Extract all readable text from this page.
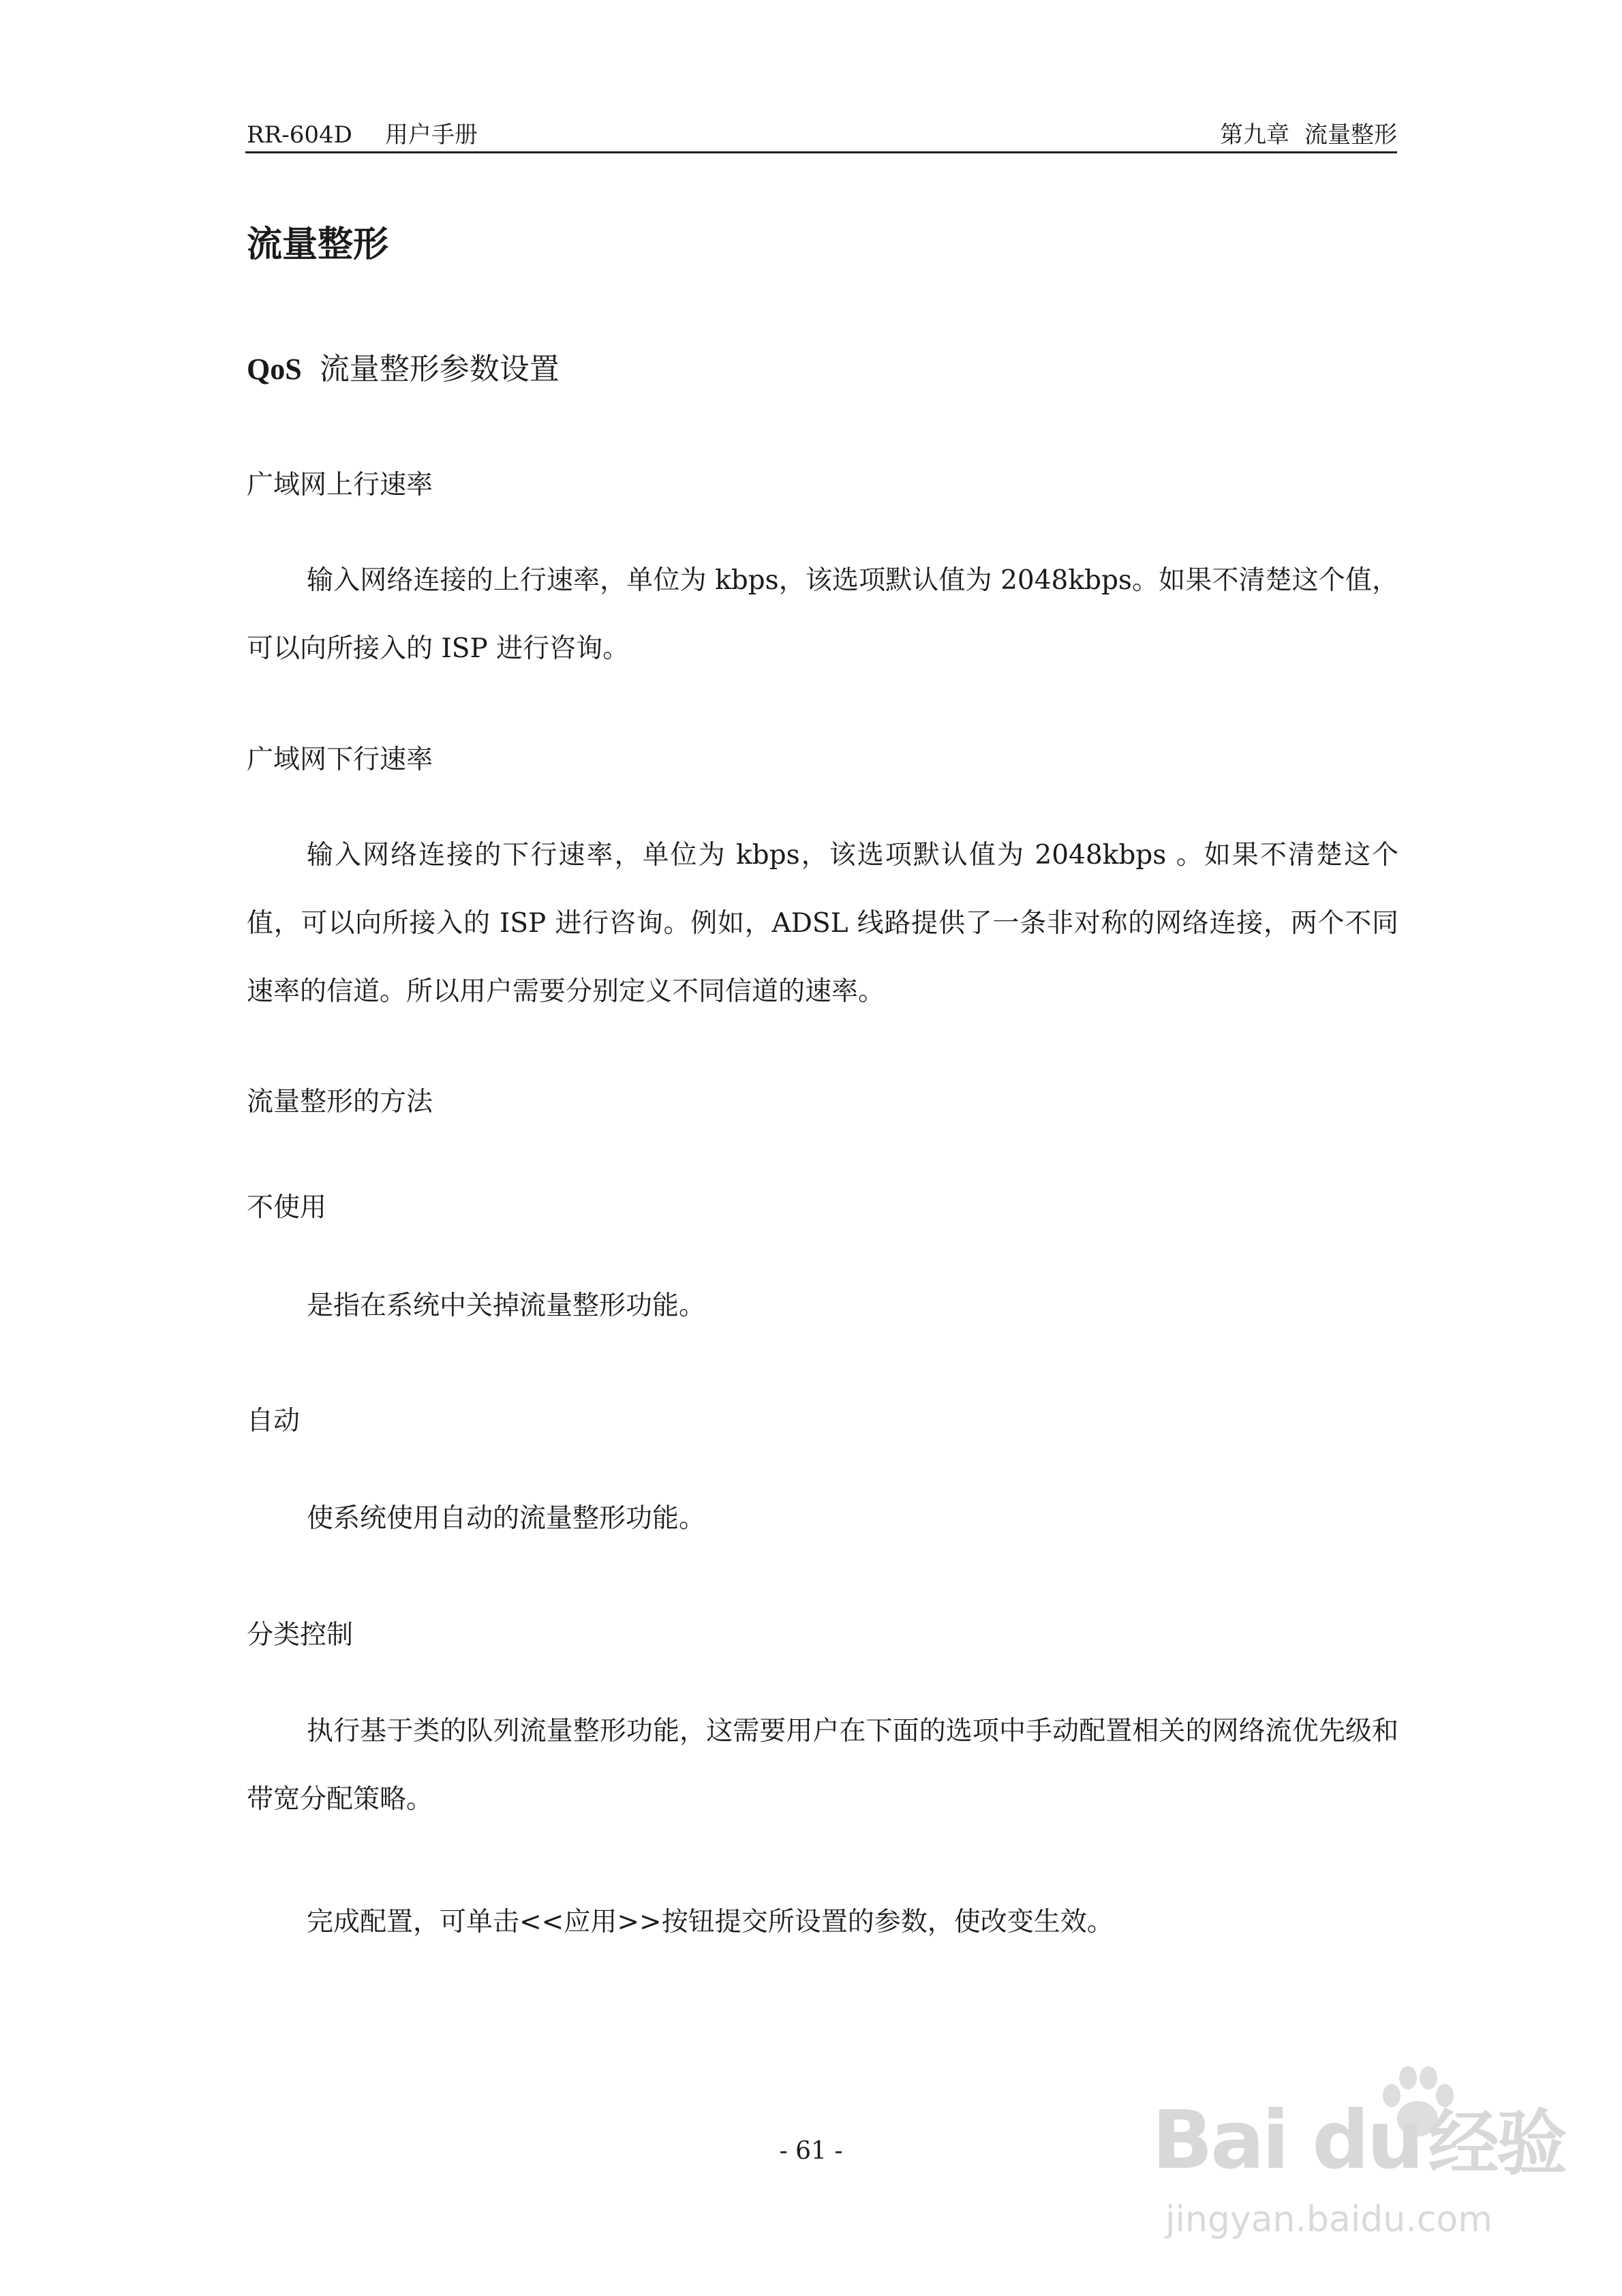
RR-604D 用户手册	第九章 流量整形
流量整形
QoS 流量整形参数设置
广域网上行速率

输入网络连接的上行速率，单位为 kbps，该选项默认值为 2048kbps。如果不清楚这个值，可以向所接入的 ISP 进行咨询。

广域网下行速率

输入网络连接的下行速率，单位为 kbps，该选项默认值为 2048kbps 。如果不清楚这个值，可以向所接入的 ISP 进行咨询。例如，ADSL 线路提供了一条非对称的网络连接，两个不同速率的信道。所以用户需要分别定义不同信道的速率。

流量整形的方法
不使用

是指在系统中关掉流量整形功能。

自动

使系统使用自动的流量整形功能。

分类控制

执行基于类的队列流量整形功能，这需要用户在下面的选项中手动配置相关的网络流优先级和带宽分配策略。

完成配置，可单击<<应用>>按钮提交所设置的参数，使改变生效。

- 61 -	Bai du经验
jingyan.baidu.com
